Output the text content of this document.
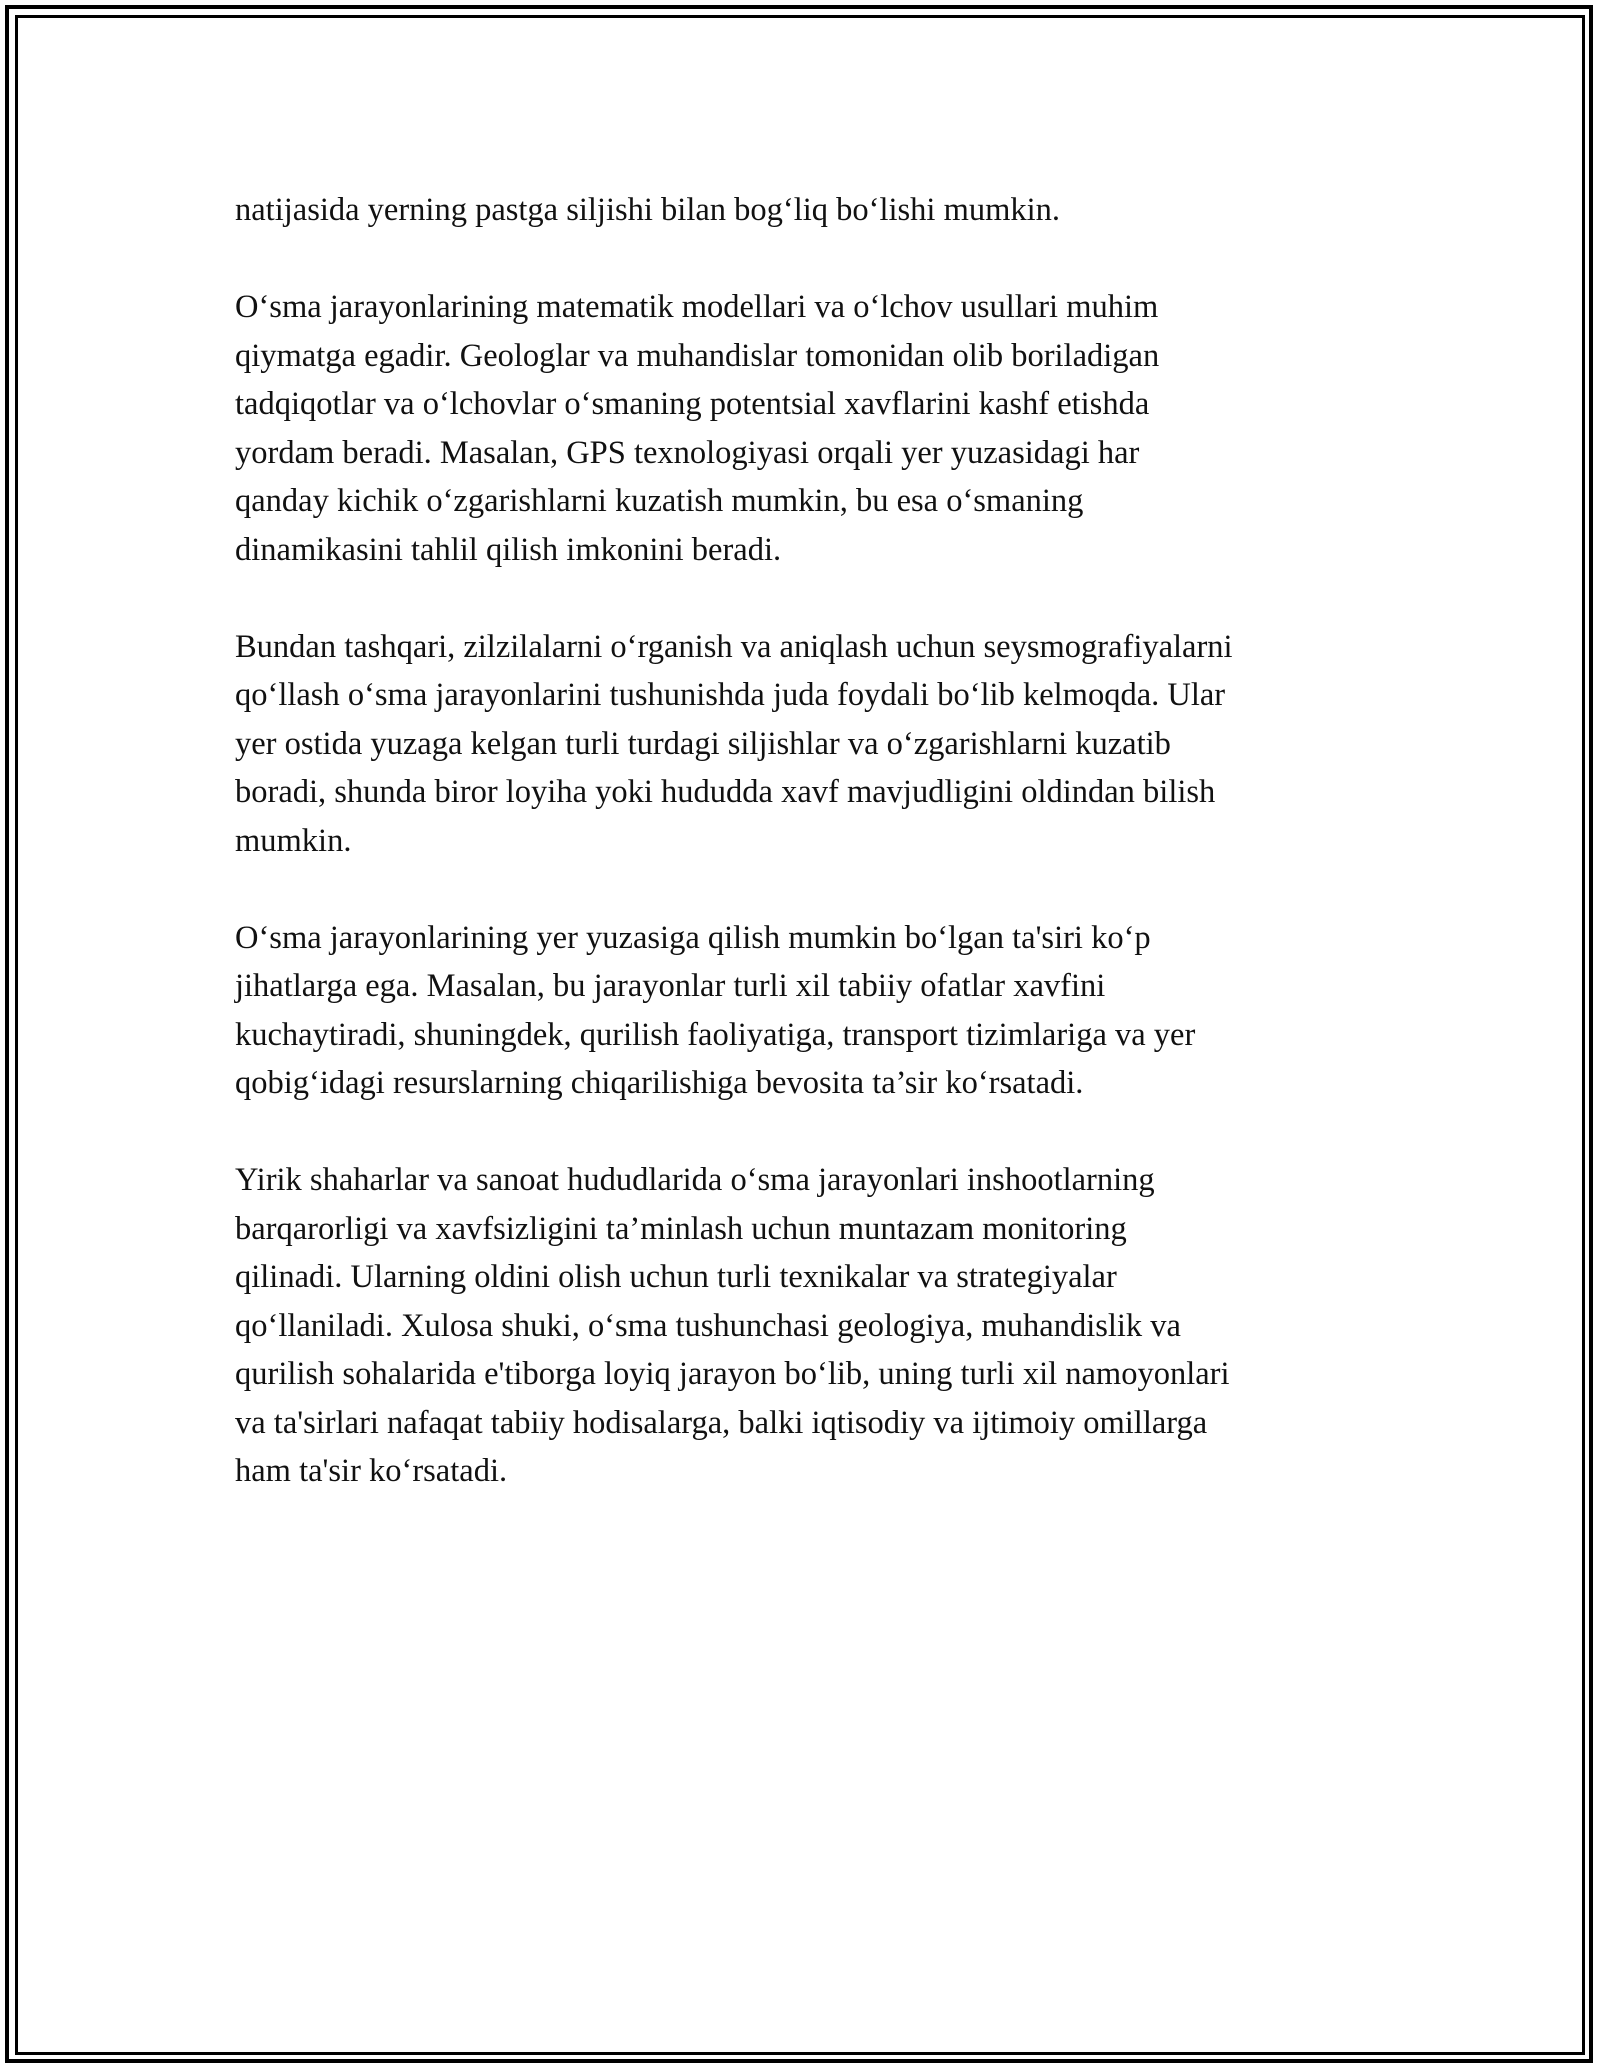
natijasida yerning pastga siljishi bilan bog‘liq bo‘lishi mumkin.

O‘sma jarayonlarining matematik modellari va o‘lchov usullari muhim
qiymatga egadir. Geologlar va muhandislar tomonidan olib boriladigan
tadqiqotlar va o‘lchovlar o‘smaning potentsial xavflarini kashf etishda
yordam beradi. Masalan, GPS texnologiyasi orqali yer yuzasidagi har
qanday kichik o‘zgarishlarni kuzatish mumkin, bu esa o‘smaning
dinamikasini tahlil qilish imkonini beradi.

Bundan tashqari, zilzilalarni o‘rganish va aniqlash uchun seysmografiyalarni
qo‘llash o‘sma jarayonlarini tushunishda juda foydali bo‘lib kelmoqda. Ular
yer ostida yuzaga kelgan turli turdagi siljishlar va o‘zgarishlarni kuzatib
boradi, shunda biror loyiha yoki hududda xavf mavjudligini oldindan bilish
mumkin.

O‘sma jarayonlarining yer yuzasiga qilish mumkin bo‘lgan ta'siri ko‘p
jihatlarga ega. Masalan, bu jarayonlar turli xil tabiiy ofatlar xavfini
kuchaytiradi, shuningdek, qurilish faoliyatiga, transport tizimlariga va yer
qobig‘idagi resurslarning chiqarilishiga bevosita ta’sir ko‘rsatadi.

Yirik shaharlar va sanoat hududlarida o‘sma jarayonlari inshootlarning
barqarorligi va xavfsizligini ta’minlash uchun muntazam monitoring
qilinadi. Ularning oldini olish uchun turli texnikalar va strategiyalar
qo‘llaniladi. Xulosa shuki, o‘sma tushunchasi geologiya, muhandislik va
qurilish sohalarida e'tiborga loyiq jarayon bo‘lib, uning turli xil namoyonlari
va ta'sirlari nafaqat tabiiy hodisalarga, balki iqtisodiy va ijtimoiy omillarga
ham ta'sir ko‘rsatadi.
